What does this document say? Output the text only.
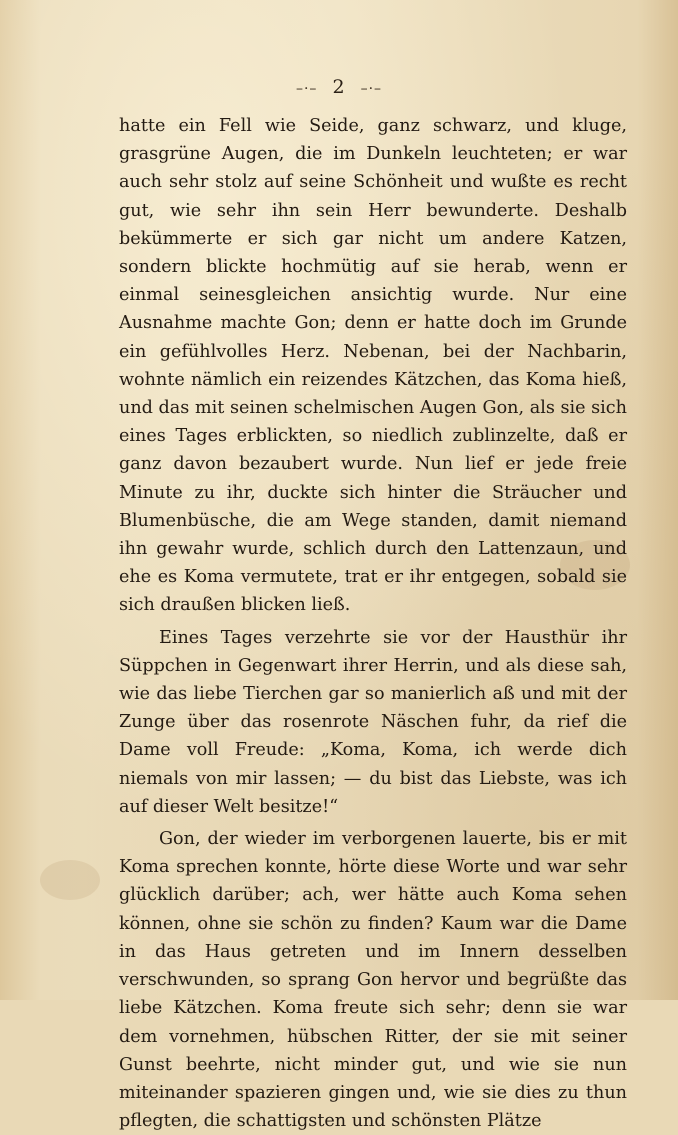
–·– 2 –·–

hatte ein Fell wie Seide, ganz schwarz, und kluge, grasgrüne Augen, die im Dunkeln leuchteten; er war auch sehr stolz auf seine Schönheit und wußte es recht gut, wie sehr ihn sein Herr bewunderte. Deshalb bekümmerte er sich gar nicht um andere Katzen, sondern blickte hochmütig auf sie herab, wenn er einmal seinesgleichen ansichtig wurde. Nur eine Ausnahme machte Gon; denn er hatte doch im Grunde ein gefühlvolles Herz. Nebenan, bei der Nachbarin, wohnte nämlich ein reizendes Kätzchen, das Koma hieß, und das mit seinen schelmischen Augen Gon, als sie sich eines Tages erblickten, so niedlich zublinzelte, daß er ganz davon bezaubert wurde. Nun lief er jede freie Minute zu ihr, duckte sich hinter die Sträucher und Blumenbüsche, die am Wege standen, damit niemand ihn gewahr wurde, schlich durch den Lattenzaun, und ehe es Koma vermutete, trat er ihr entgegen, sobald sie sich draußen blicken ließ.

Eines Tages verzehrte sie vor der Hausthür ihr Süppchen in Gegenwart ihrer Herrin, und als diese sah, wie das liebe Tierchen gar so manierlich aß und mit der Zunge über das rosenrote Näschen fuhr, da rief die Dame voll Freude: „Koma, Koma, ich werde dich niemals von mir lassen; — du bist das Liebste, was ich auf dieser Welt besitze!“

Gon, der wieder im verborgenen lauerte, bis er mit Koma sprechen konnte, hörte diese Worte und war sehr glücklich darüber; ach, wer hätte auch Koma sehen können, ohne sie schön zu finden? Kaum war die Dame in das Haus getreten und im Innern desselben verschwunden, so sprang Gon hervor und begrüßte das liebe Kätzchen. Koma freute sich sehr; denn sie war dem vornehmen, hübschen Ritter, der sie mit seiner Gunst beehrte, nicht minder gut, und wie sie nun miteinander spazieren gingen und, wie sie dies zu thun pflegten, die schattigsten und schönsten Plätze
